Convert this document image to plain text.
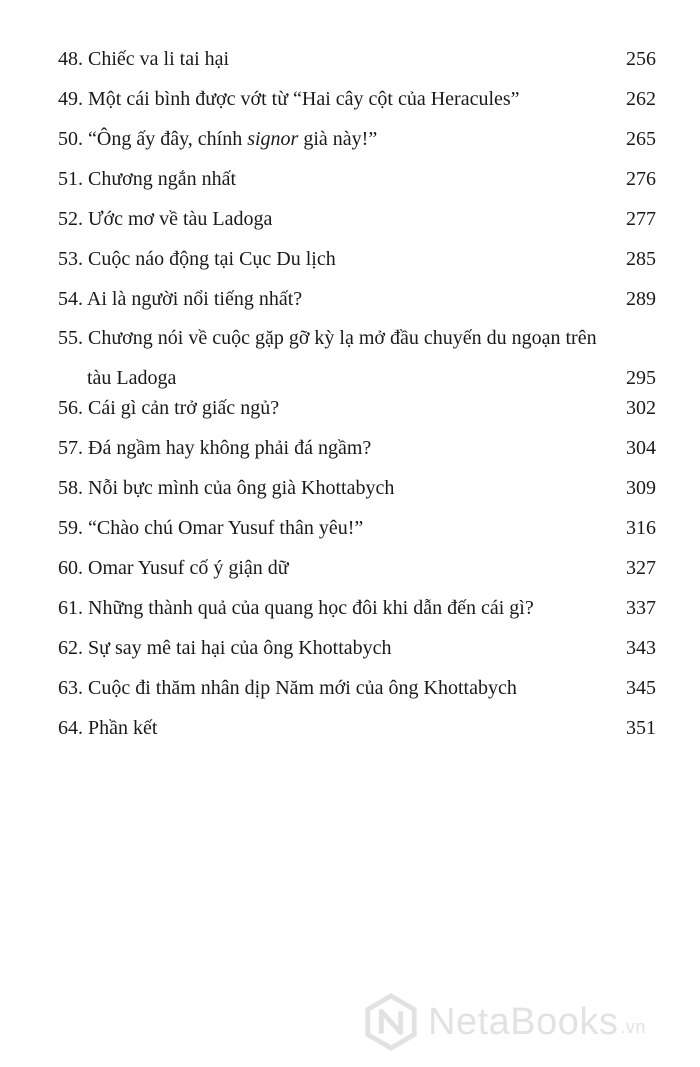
48. Chiếc va li tai hại	256
49. Một cái bình được vớt từ “Hai cây cột của Heracules”	262
50. “Ông ấy đây, chính signor già này!”	265
51. Chương ngắn nhất	276
52. Ước mơ về tàu Ladoga	277
53. Cuộc náo động tại Cục Du lịch	285
54. Ai là người nổi tiếng nhất?	289
55. Chương nói về cuộc gặp gỡ kỳ lạ mở đầu chuyến du ngoạn trên
tàu Ladoga	295
56. Cái gì cản trở giấc ngủ?	302
57. Đá ngầm hay không phải đá ngầm?	304
58. Nỗi bực mình của ông già Khottabych	309
59. “Chào chú Omar Yusuf thân yêu!”	316
60. Omar Yusuf cố ý giận dữ	327
61. Những thành quả của quang học đôi khi dẫn đến cái gì?	337
62. Sự say mê tai hại của ông Khottabych	343
63. Cuộc đi thăm nhân dịp Năm mới của ông Khottabych	345
64. Phần kết	351
NetaBooks .vn
